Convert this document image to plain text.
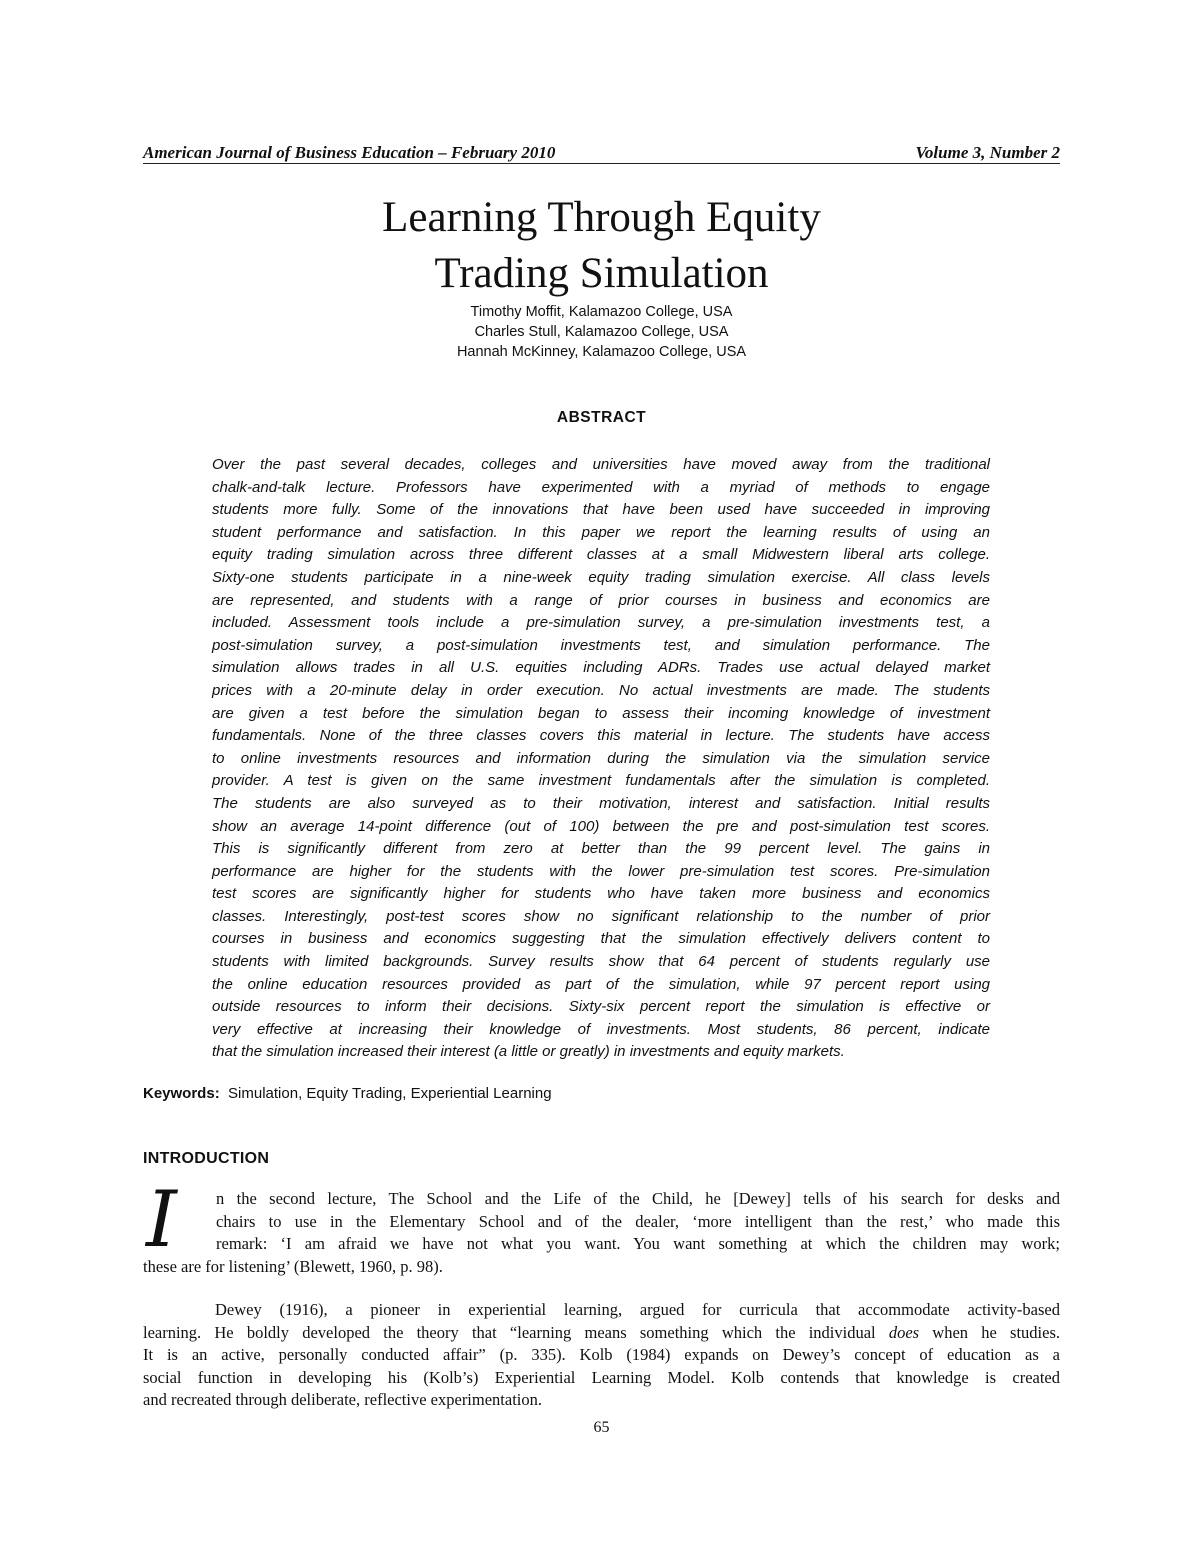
American Journal of Business Education – February 2010	Volume 3, Number 2
Learning Through Equity
Trading Simulation
Timothy Moffit, Kalamazoo College, USA
Charles Stull, Kalamazoo College, USA
Hannah McKinney, Kalamazoo College, USA
ABSTRACT
Over the past several decades, colleges and universities have moved away from the traditional
chalk-and-talk lecture. Professors have experimented with a myriad of methods to engage
students more fully. Some of the innovations that have been used have succeeded in improving
student performance and satisfaction. In this paper we report the learning results of using an
equity trading simulation across three different classes at a small Midwestern liberal arts college.
Sixty-one students participate in a nine-week equity trading simulation exercise. All class levels
are represented, and students with a range of prior courses in business and economics are
included. Assessment tools include a pre-simulation survey, a pre-simulation investments test, a
post-simulation survey, a post-simulation investments test, and simulation performance. The
simulation allows trades in all U.S. equities including ADRs. Trades use actual delayed market
prices with a 20-minute delay in order execution. No actual investments are made. The students
are given a test before the simulation began to assess their incoming knowledge of investment
fundamentals. None of the three classes covers this material in lecture. The students have access
to online investments resources and information during the simulation via the simulation service
provider. A test is given on the same investment fundamentals after the simulation is completed.
The students are also surveyed as to their motivation, interest and satisfaction. Initial results
show an average 14-point difference (out of 100) between the pre and post-simulation test scores.
This is significantly different from zero at better than the 99 percent level. The gains in
performance are higher for the students with the lower pre-simulation test scores. Pre-simulation
test scores are significantly higher for students who have taken more business and economics
classes. Interestingly, post-test scores show no significant relationship to the number of prior
courses in business and economics suggesting that the simulation effectively delivers content to
students with limited backgrounds. Survey results show that 64 percent of students regularly use
the online education resources provided as part of the simulation, while 97 percent report using
outside resources to inform their decisions. Sixty-six percent report the simulation is effective or
very effective at increasing their knowledge of investments. Most students, 86 percent, indicate
that the simulation increased their interest (a little or greatly) in investments and equity markets.
Keywords: Simulation, Equity Trading, Experiential Learning
INTRODUCTION
I	n the second lecture, The School and the Life of the Child, he [Dewey] tells of his search for desks and
chairs to use in the Elementary School and of the dealer, ‘more intelligent than the rest,’ who made this
remark: ‘I am afraid we have not what you want. You want something at which the children may work;
these are for listening’ (Blewett, 1960, p. 98).
Dewey (1916), a pioneer in experiential learning, argued for curricula that accommodate activity-based
learning. He boldly developed the theory that “learning means something which the individual does when he studies.
It is an active, personally conducted affair” (p. 335). Kolb (1984) expands on Dewey’s concept of education as a
social function in developing his (Kolb’s) Experiential Learning Model. Kolb contends that knowledge is created
and recreated through deliberate, reflective experimentation.
65
